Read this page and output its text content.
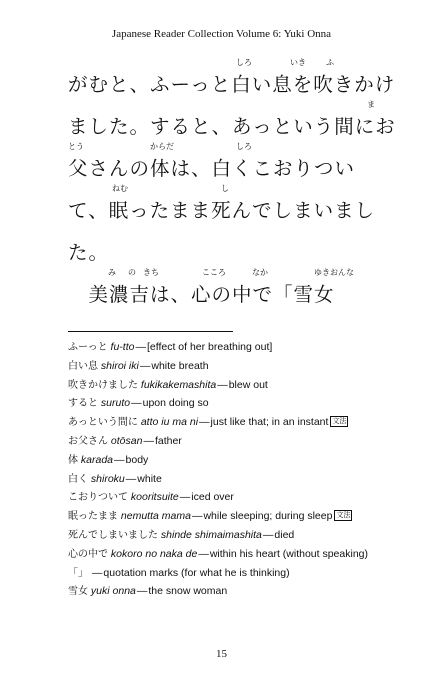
Japanese Reader Collection Volume 6: Yuki Onna
がむと、ふーっと白い息を吹きかけ
しろ	いき	ふ
ました。すると、あっという間にお
ま
父さんの体は、白くこおりつい
とう	からだ	しろ
て、眠ったまま死んでしまいまし
ねむ	し
た。
　美濃吉は、心の中で「雪女
み の きち	こころ	なか	ゆきおんな
ふーっと fu-tto—[effect of her breathing out]
白い息 shiroi iki—white breath
吹きかけました fukikakemashita—blew out
すると suruto—upon doing so
あっという間に atto iu ma ni—just like that; in an instant 文法
お父さん otōsan—father
体 karada—body
白く shiroku—white
こおりついて kooritsuite—iced over
眠ったまま nemutta mama—while sleeping; during sleep 文法
死んでしまいました shinde shimaimashita—died
心の中で kokoro no naka de—within his heart (without speaking)
「」 —quotation marks (for what he is thinking)
雪女 yuki onna—the snow woman
15
